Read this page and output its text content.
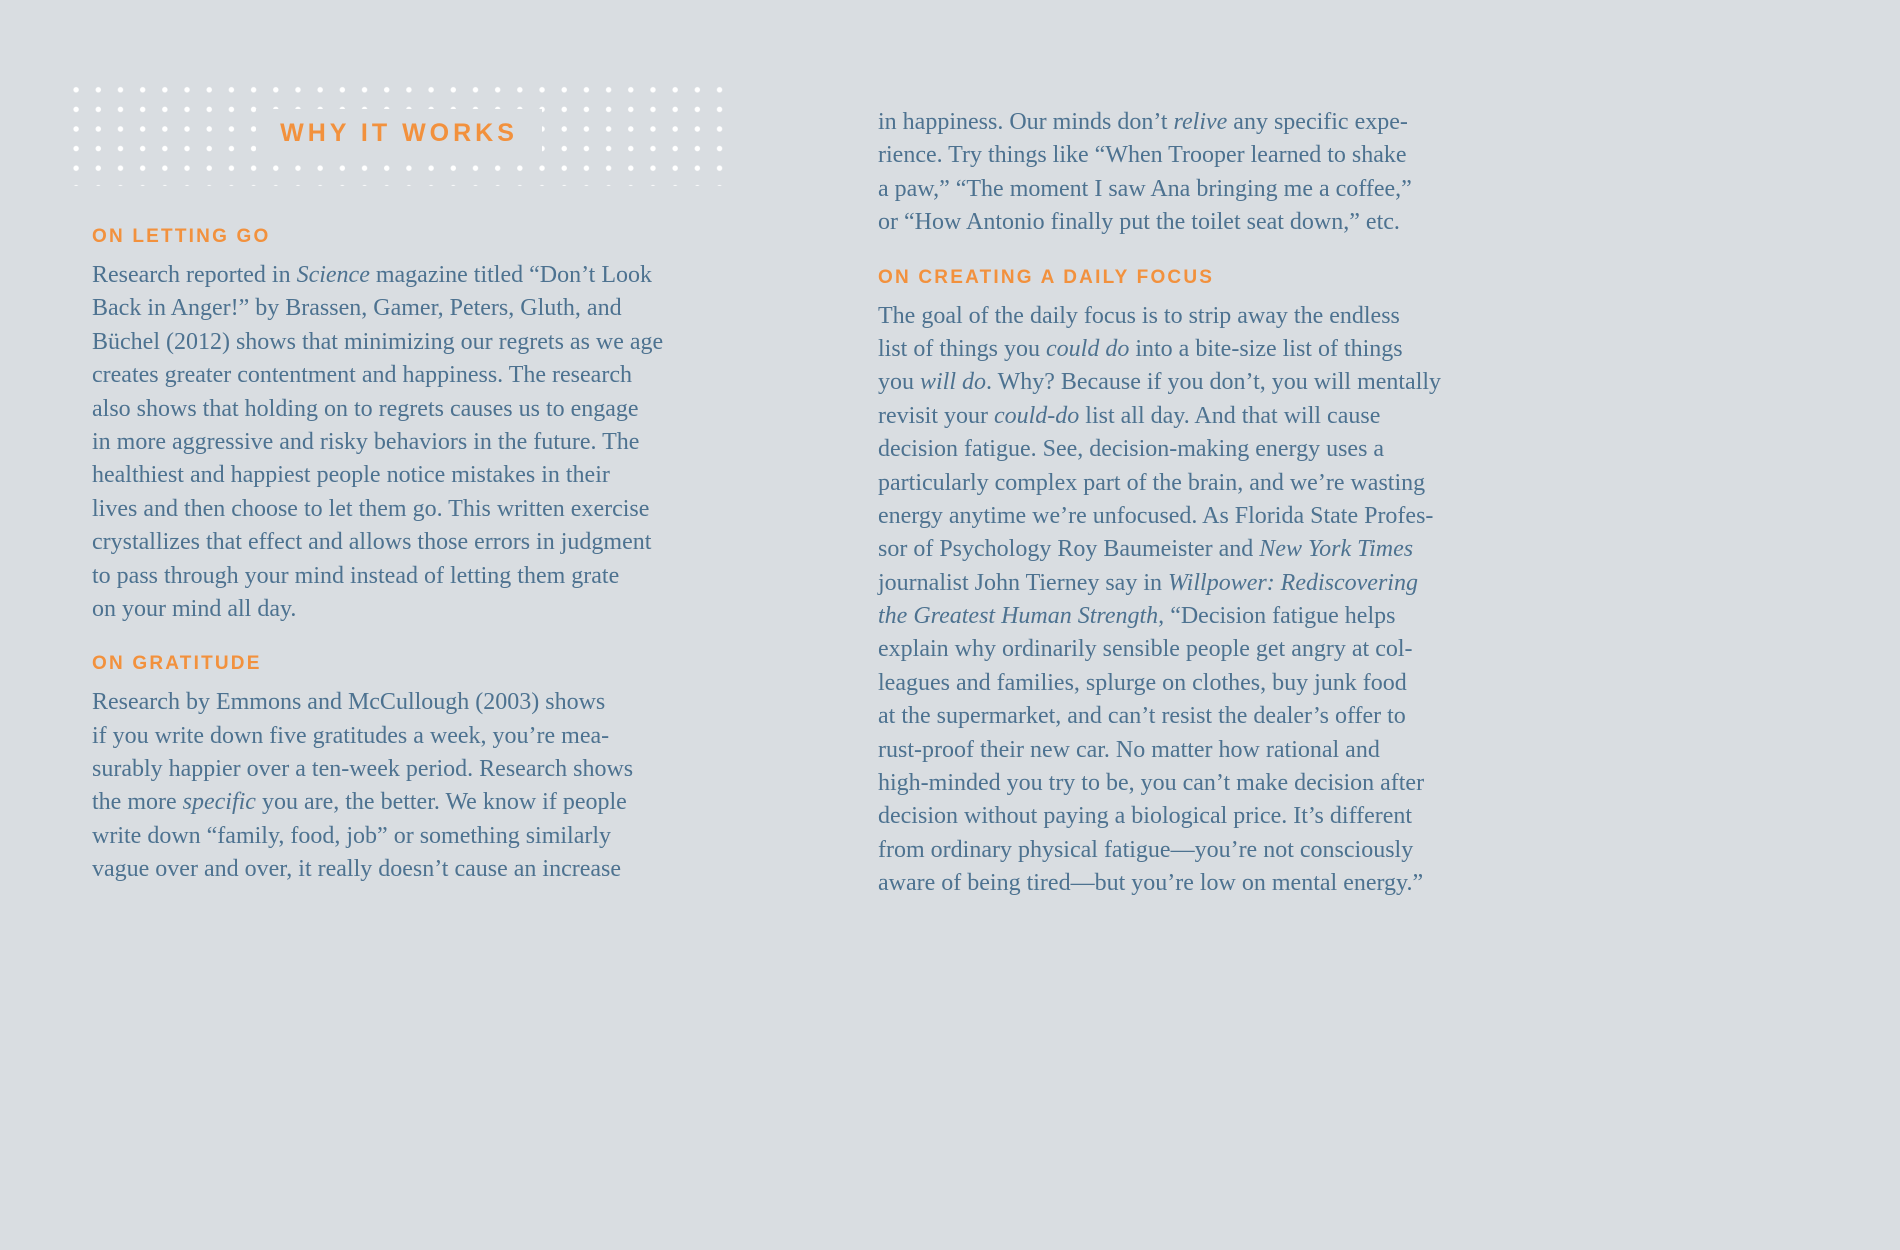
WHY IT WORKS
ON LETTING GO

Research reported in Science magazine titled “Don’t Look
Back in Anger!” by Brassen, Gamer, Peters, Gluth, and
Büchel (2012) shows that minimizing our regrets as we age
creates greater contentment and happiness. The research
also shows that holding on to regrets causes us to engage
in more aggressive and risky behaviors in the future. The
healthiest and happiest people notice mistakes in their
lives and then choose to let them go. This written exercise
crystallizes that effect and allows those errors in judgment
to pass through your mind instead of letting them grate
on your mind all day.

ON GRATITUDE

Research by Emmons and McCullough (2003) shows
if you write down five gratitudes a week, you’re mea-
surably happier over a ten-week period. Research shows
the more specific you are, the better. We know if people
write down “family, food, job” or something similarly
vague over and over, it really doesn’t cause an increase

in happiness. Our minds don’t relive any specific expe-
rience. Try things like “When Trooper learned to shake
a paw,” “The moment I saw Ana bringing me a coffee,”
or “How Antonio finally put the toilet seat down,” etc.

ON CREATING A DAILY FOCUS

The goal of the daily focus is to strip away the endless
list of things you could do into a bite-size list of things
you will do. Why? Because if you don’t, you will mentally
revisit your could-do list all day. And that will cause
decision fatigue. See, decision-making energy uses a
particularly complex part of the brain, and we’re wasting
energy anytime we’re unfocused. As Florida State Profes-
sor of Psychology Roy Baumeister and New York Times
journalist John Tierney say in Willpower: Rediscovering
the Greatest Human Strength, “Decision fatigue helps
explain why ordinarily sensible people get angry at col-
leagues and families, splurge on clothes, buy junk food
at the supermarket, and can’t resist the dealer’s offer to
rust-proof their new car. No matter how rational and
high-minded you try to be, you can’t make decision after
decision without paying a biological price. It’s different
from ordinary physical fatigue—you’re not consciously
aware of being tired—but you’re low on mental energy.”
